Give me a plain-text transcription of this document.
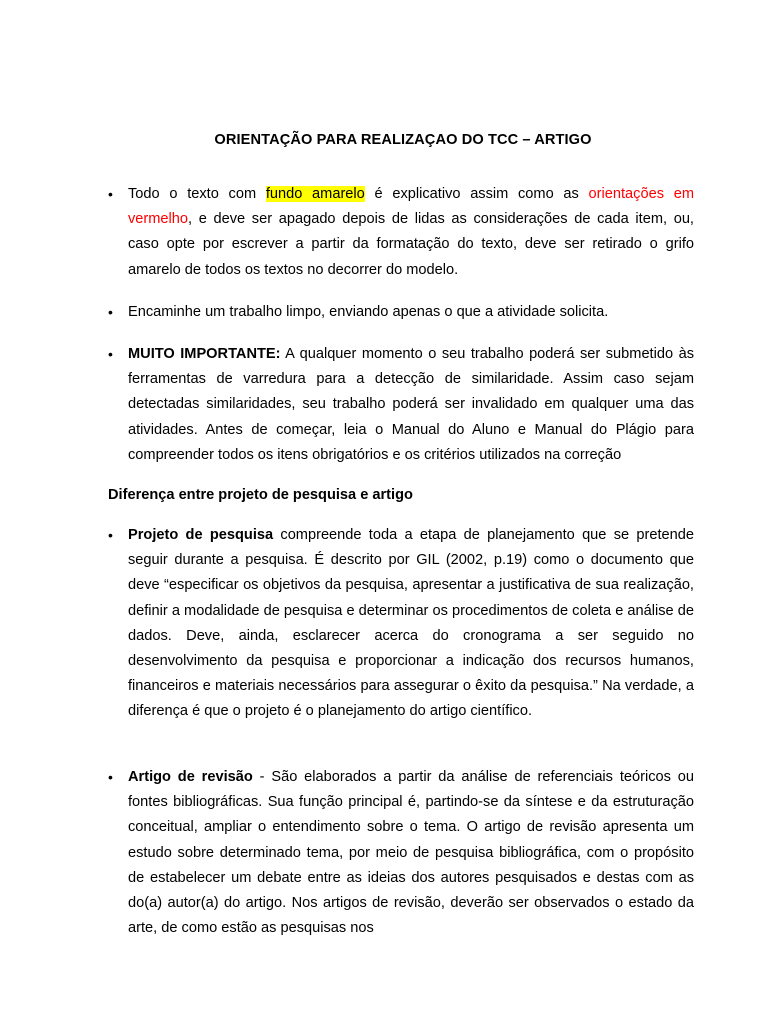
ORIENTAÇÃO PARA REALIZAÇAO DO TCC – ARTIGO
•	Todo o texto com fundo amarelo é explicativo assim como as orientações em vermelho, e deve ser apagado depois de lidas as considerações de cada item, ou, caso opte por escrever a partir da formatação do texto, deve ser retirado o grifo amarelo de todos os textos no decorrer do modelo.
•	Encaminhe um trabalho limpo, enviando apenas o que a atividade solicita.
•	MUITO IMPORTANTE: A qualquer momento o seu trabalho poderá ser submetido às ferramentas de varredura para a detecção de similaridade. Assim caso sejam detectadas similaridades, seu trabalho poderá ser invalidado em qualquer uma das atividades. Antes de começar, leia o Manual do Aluno e Manual do Plágio para compreender todos os itens obrigatórios e os critérios utilizados na correção
Diferença entre projeto de pesquisa e artigo
•	Projeto de pesquisa compreende toda a etapa de planejamento que se pretende seguir durante a pesquisa. É descrito por GIL (2002, p.19) como o documento que deve “especificar os objetivos da pesquisa, apresentar a justificativa de sua realização, definir a modalidade de pesquisa e determinar os procedimentos de coleta e análise de dados. Deve, ainda, esclarecer acerca do cronograma a ser seguido no desenvolvimento da pesquisa e proporcionar a indicação dos recursos humanos, financeiros e materiais necessários para assegurar o êxito da pesquisa.” Na verdade, a diferença é que o projeto é o planejamento do artigo científico.
•	Artigo de revisão - São elaborados a partir da análise de referenciais teóricos ou fontes bibliográficas. Sua função principal é, partindo-se da síntese e da estruturação conceitual, ampliar o entendimento sobre o tema. O artigo de revisão apresenta um estudo sobre determinado tema, por meio de pesquisa bibliográfica, com o propósito de estabelecer um debate entre as ideias dos autores pesquisados e destas com as do(a) autor(a) do artigo. Nos artigos de revisão, deverão ser observados o estado da arte, de como estão as pesquisas nos
